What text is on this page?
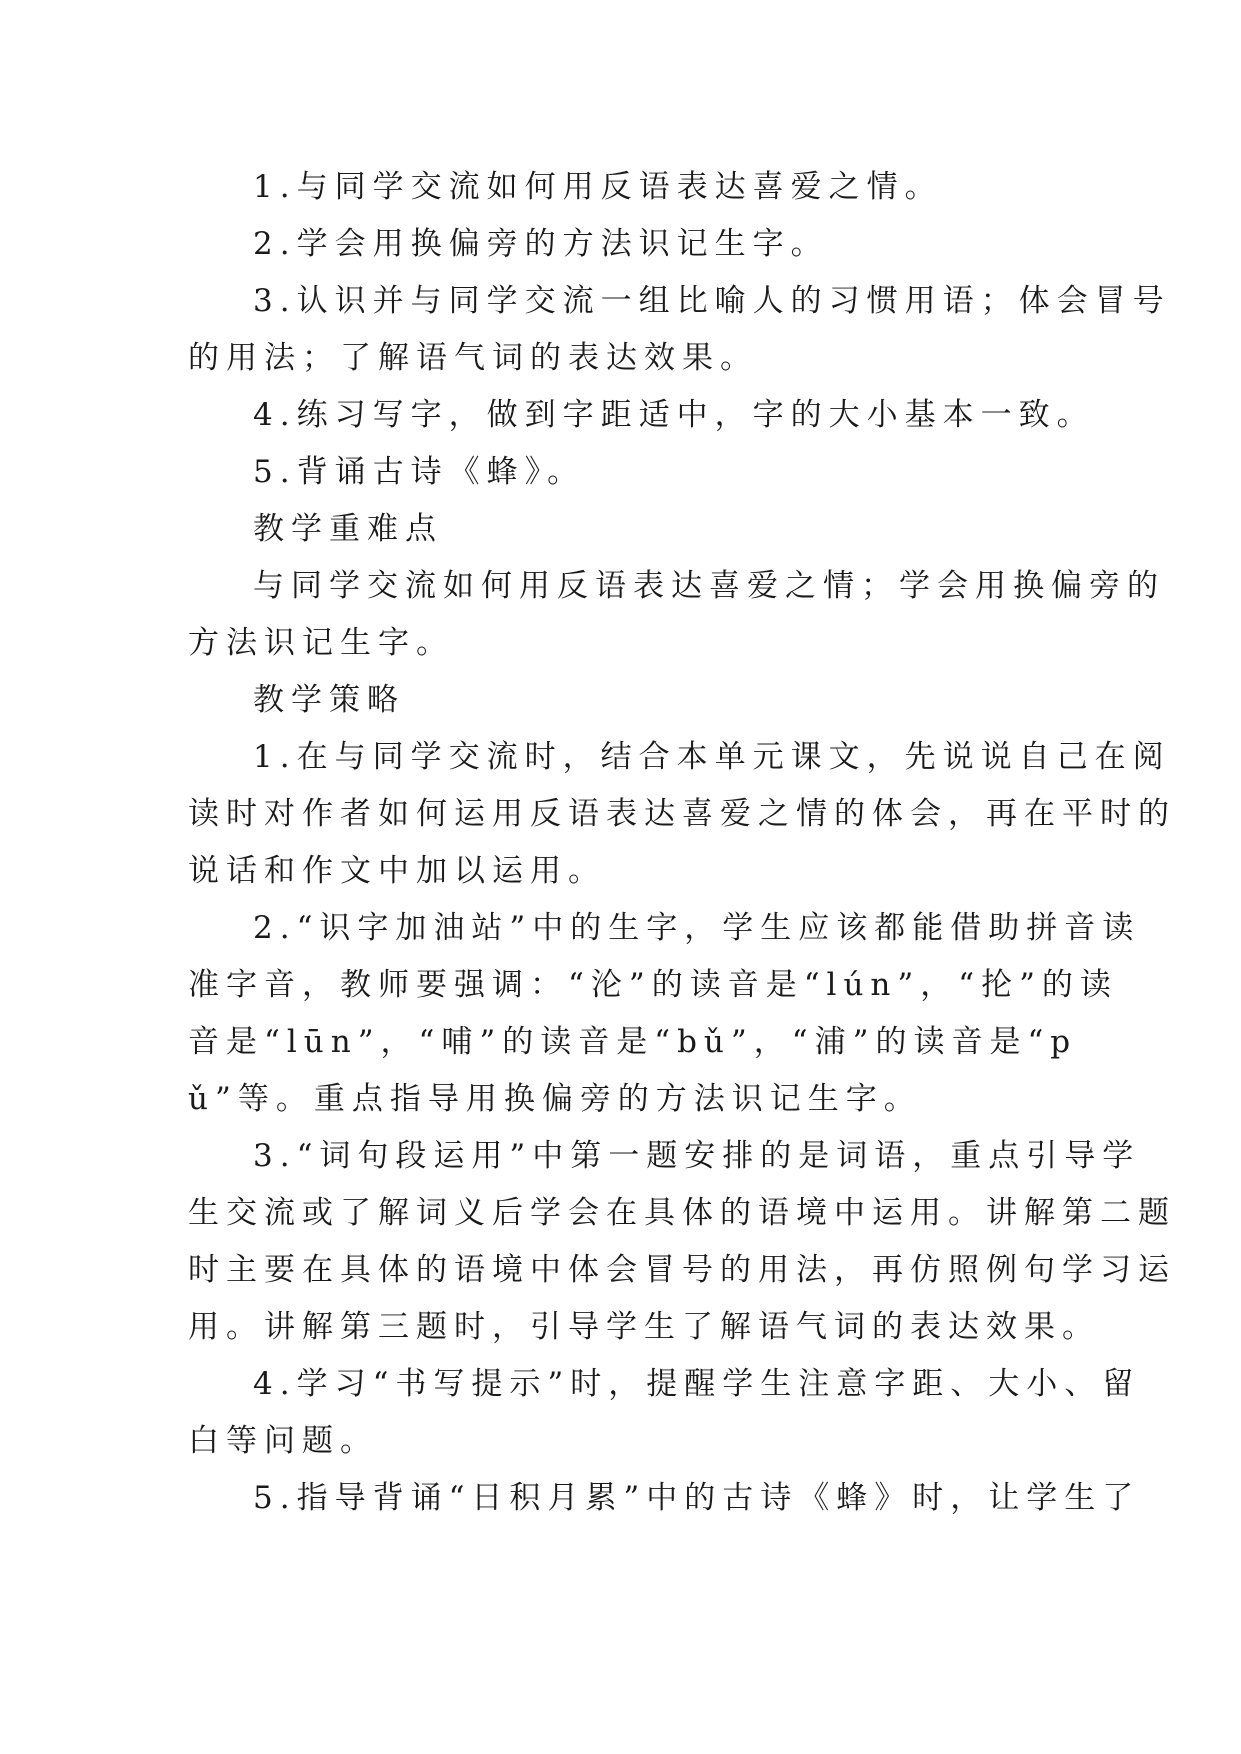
1.与同学交流如何用反语表达喜爱之情。

2.学会用换偏旁的方法识记生字。

3.认识并与同学交流一组比喻人的习惯用语；体会冒号

的用法；了解语气词的表达效果。

4.练习写字，做到字距适中，字的大小基本一致。

5.背诵古诗《蜂》。

教学重难点

与同学交流如何用反语表达喜爱之情；学会用换偏旁的

方法识记生字。

教学策略

1.在与同学交流时，结合本单元课文，先说说自己在阅

读时对作者如何运用反语表达喜爱之情的体会，再在平时的

说话和作文中加以运用。

2.“识字加油站”中的生字，学生应该都能借助拼音读

准字音，教师要强调：“沦”的读音是“lún”，“抡”的读

音是“lūn”，“哺”的读音是“bǔ”，“浦”的读音是“p

ǔ”等。重点指导用换偏旁的方法识记生字。

3.“词句段运用”中第一题安排的是词语，重点引导学

生交流或了解词义后学会在具体的语境中运用。讲解第二题

时主要在具体的语境中体会冒号的用法，再仿照例句学习运

用。讲解第三题时，引导学生了解语气词的表达效果。

4.学习“书写提示”时，提醒学生注意字距、大小、留

白等问题。

5.指导背诵“日积月累”中的古诗《蜂》时，让学生了
